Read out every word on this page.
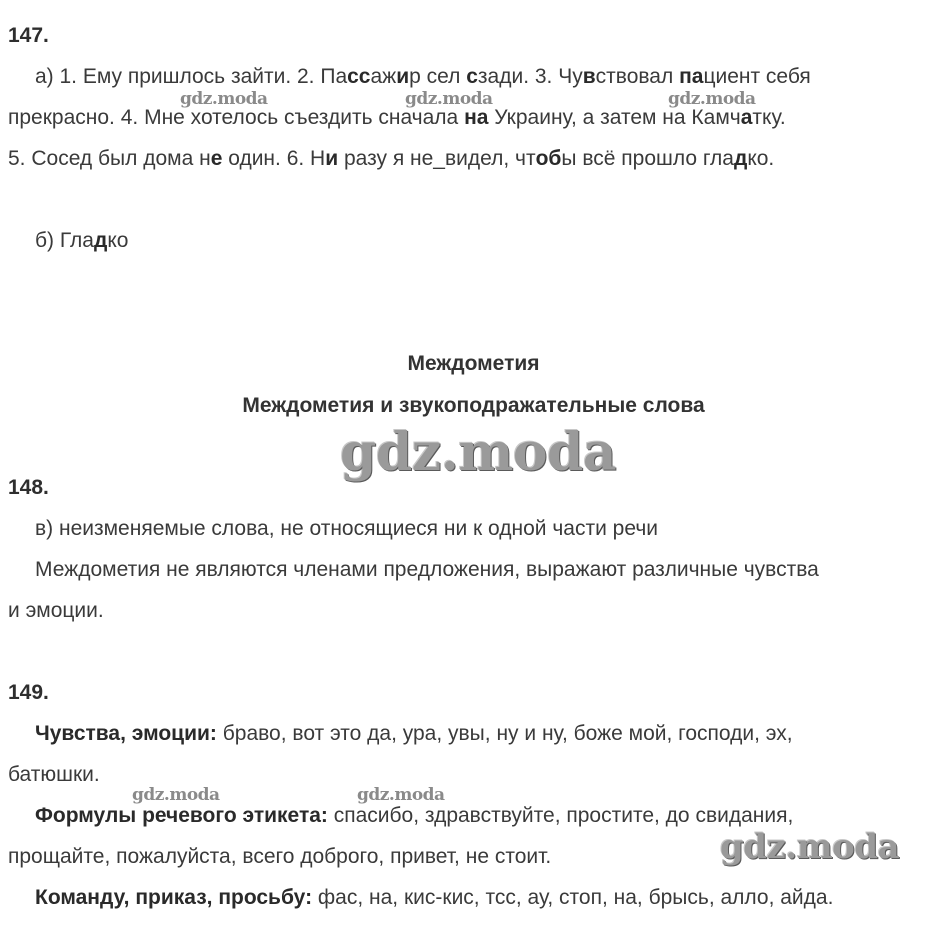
147.
а) 1. Ему пришлось зайти. 2. Пассажир сел сзади. 3. Чувствовал пациент себя
прекрасно. 4. Мне хотелось съездить сначала на Украину, а затем на Камчатку.
5. Сосед был дома не один. 6. Ни разу я не_видел, чтобы всё прошло гладко.
б) Гладко
Междометия
Междометия и звукоподражательные слова
148.
в) неизменяемые слова, не относящиеся ни к одной части речи
Междометия не являются членами предложения, выражают различные чувства
и эмоции.
149.
Чувства, эмоции: браво, вот это да, ура, увы, ну и ну, боже мой, господи, эх,
батюшки.
Формулы речевого этикета: спасибо, здравствуйте, простите, до свидания,
прощайте, пожалуйста, всего доброго, привет, не стоит.
Команду, приказ, просьбу: фас, на, кис-кис, тсс, ау, стоп, на, брысь, алло, айда.
gdz.moda	gdz.moda	gdz.moda
gdz.moda
gdz.moda	gdz.moda
gdz.moda
